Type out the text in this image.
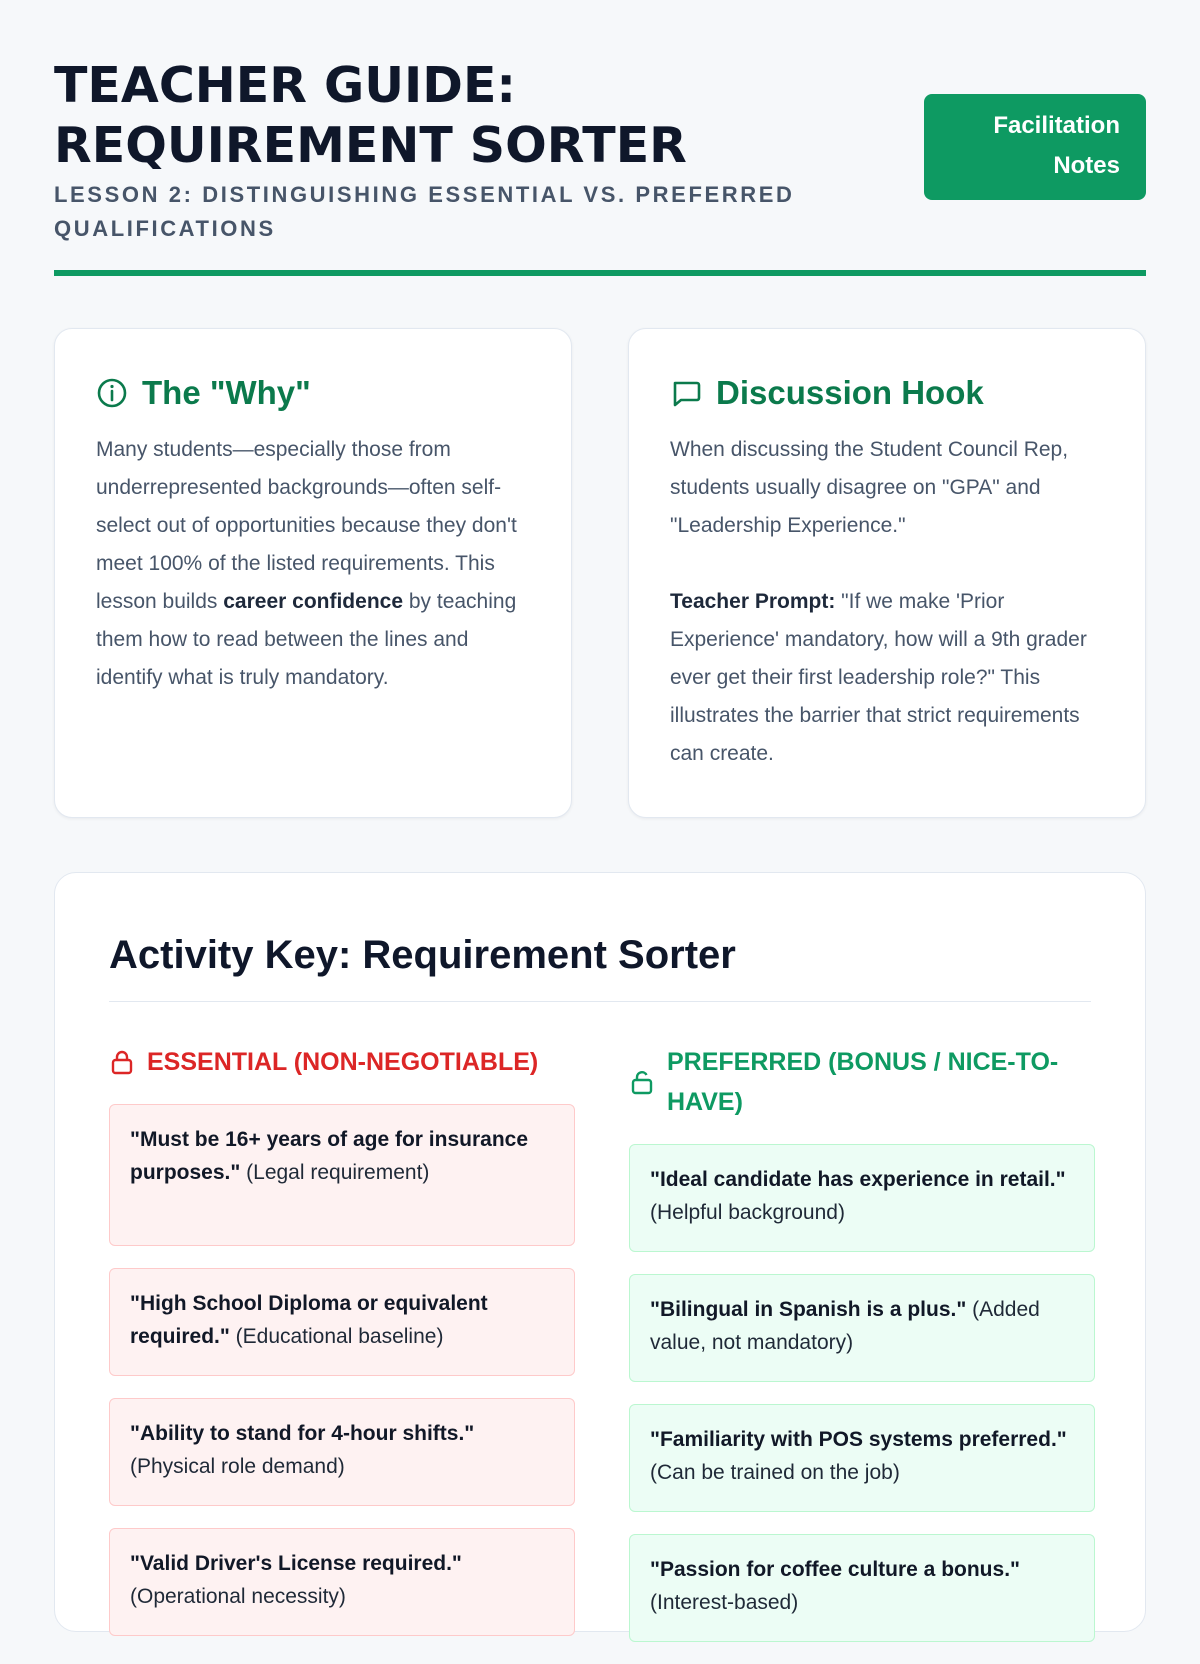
TEACHER GUIDE: REQUIREMENT SORTER
LESSON 2: DISTINGUISHING ESSENTIAL VS. PREFERRED QUALIFICATIONS
Facilitation
Notes
The "Why"

Many students—especially those from underrepresented backgrounds—often self-select out of opportunities because they don't meet 100% of the listed requirements. This lesson builds career confidence by teaching them how to read between the lines and identify what is truly mandatory.

Discussion Hook

When discussing the Student Council Rep, students usually disagree on "GPA" and "Leadership Experience."

Teacher Prompt: "If we make 'Prior Experience' mandatory, how will a 9th grader ever get their first leadership role?" This illustrates the barrier that strict requirements can create.

Activity Key: Requirement Sorter
ESSENTIAL (NON-NEGOTIABLE)
"Must be 16+ years of age for insurance purposes." (Legal requirement)
"High School Diploma or equivalent required." (Educational baseline)
"Ability to stand for 4-hour shifts." (Physical role demand)
"Valid Driver's License required." (Operational necessity)
PREFERRED (BONUS / NICE-TO-HAVE)
"Ideal candidate has experience in retail." (Helpful background)
"Bilingual in Spanish is a plus." (Added value, not mandatory)
"Familiarity with POS systems preferred." (Can be trained on the job)
"Passion for coffee culture a bonus." (Interest-based)
